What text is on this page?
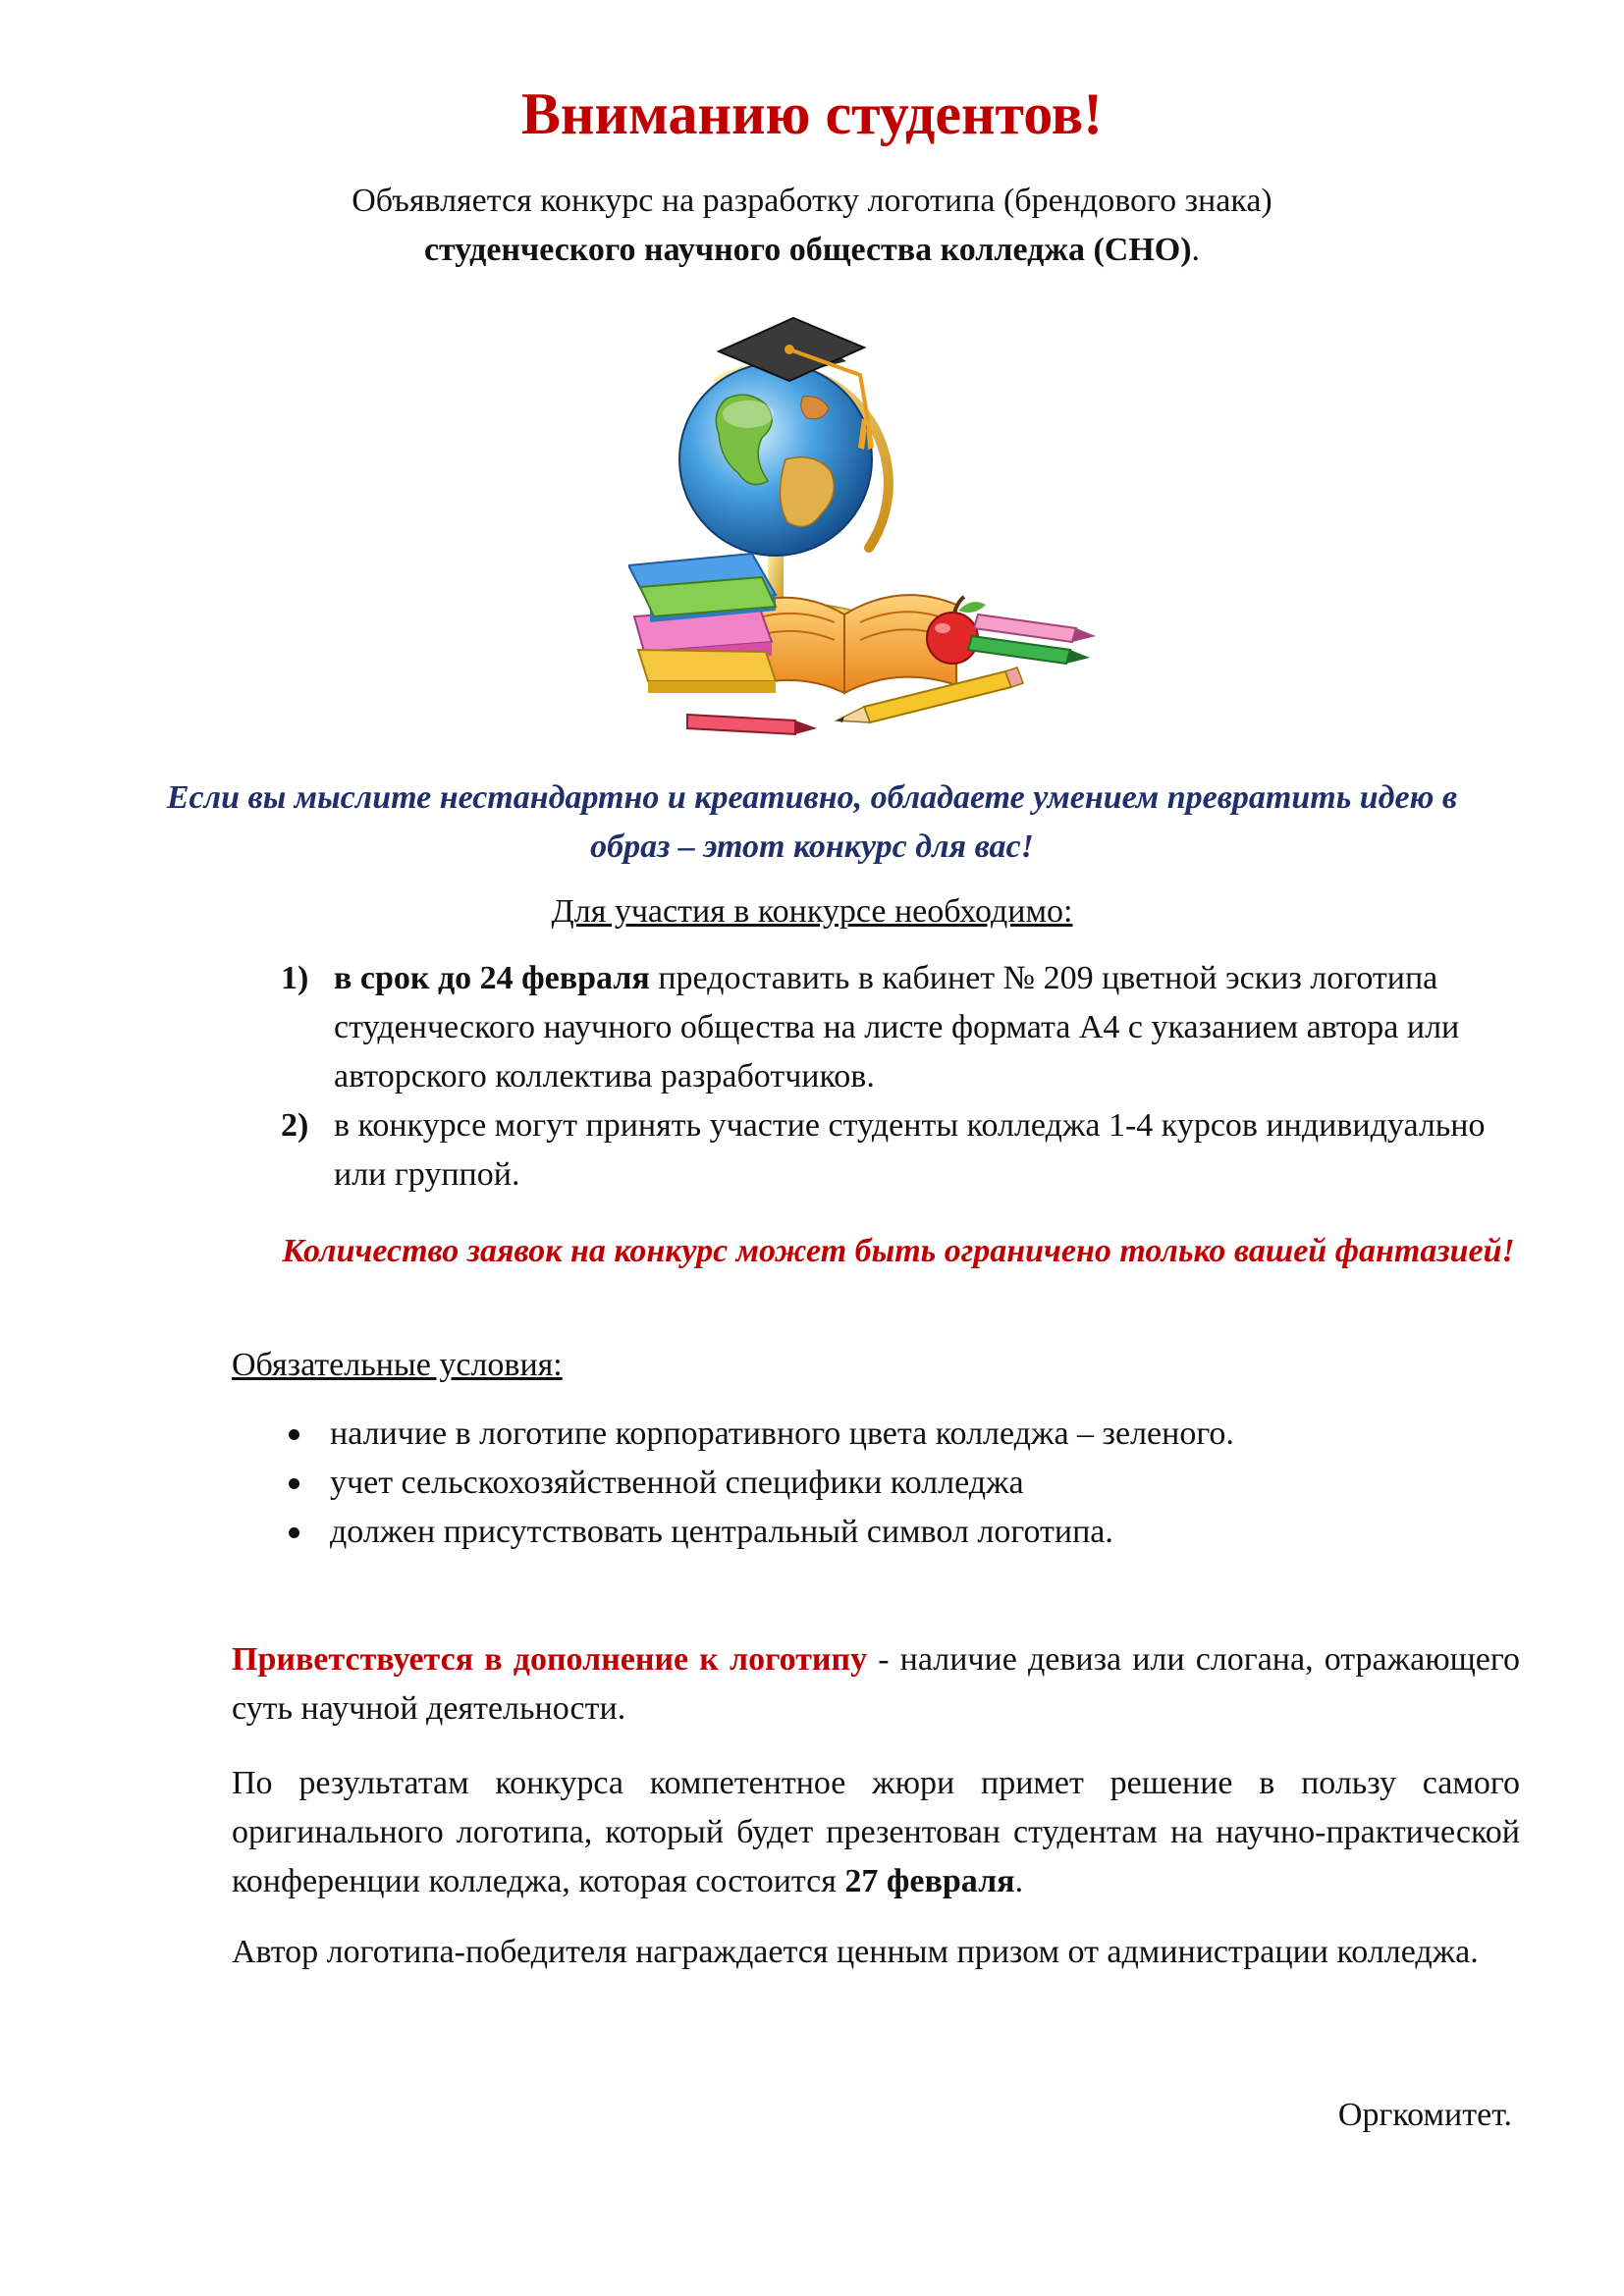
Вниманию студентов!

Объявляется конкурс на разработку логотипа (брендового знака)
студенческого научного общества колледжа (СНО).

Если вы мыслите нестандартно и креативно, обладаете умением превратить идею в образ – этот конкурс для вас!

Для участия в конкурсе необходимо:

1) в срок до 24 февраля предоставить в кабинет № 209 цветной эскиз логотипа студенческого научного общества на листе формата А4 с указанием автора или авторского коллектива разработчиков.
2) в конкурсе могут принять участие студенты колледжа 1-4 курсов индивидуально или группой.

Количество заявок на конкурс может быть ограничено только вашей фантазией!

Обязательные условия:

наличие в логотипе корпоративного цвета колледжа – зеленого.
учет сельскохозяйственной специфики колледжа
должен присутствовать центральный символ логотипа.

Приветствуется в дополнение к логотипу - наличие девиза или слогана, отражающего суть научной деятельности.

По результатам конкурса компетентное жюри примет решение в пользу самого оригинального логотипа, который будет презентован студентам на научно-практической конференции колледжа, которая состоится 27 февраля.

Автор логотипа-победителя награждается ценным призом от администрации колледжа.

Оргкомитет.
